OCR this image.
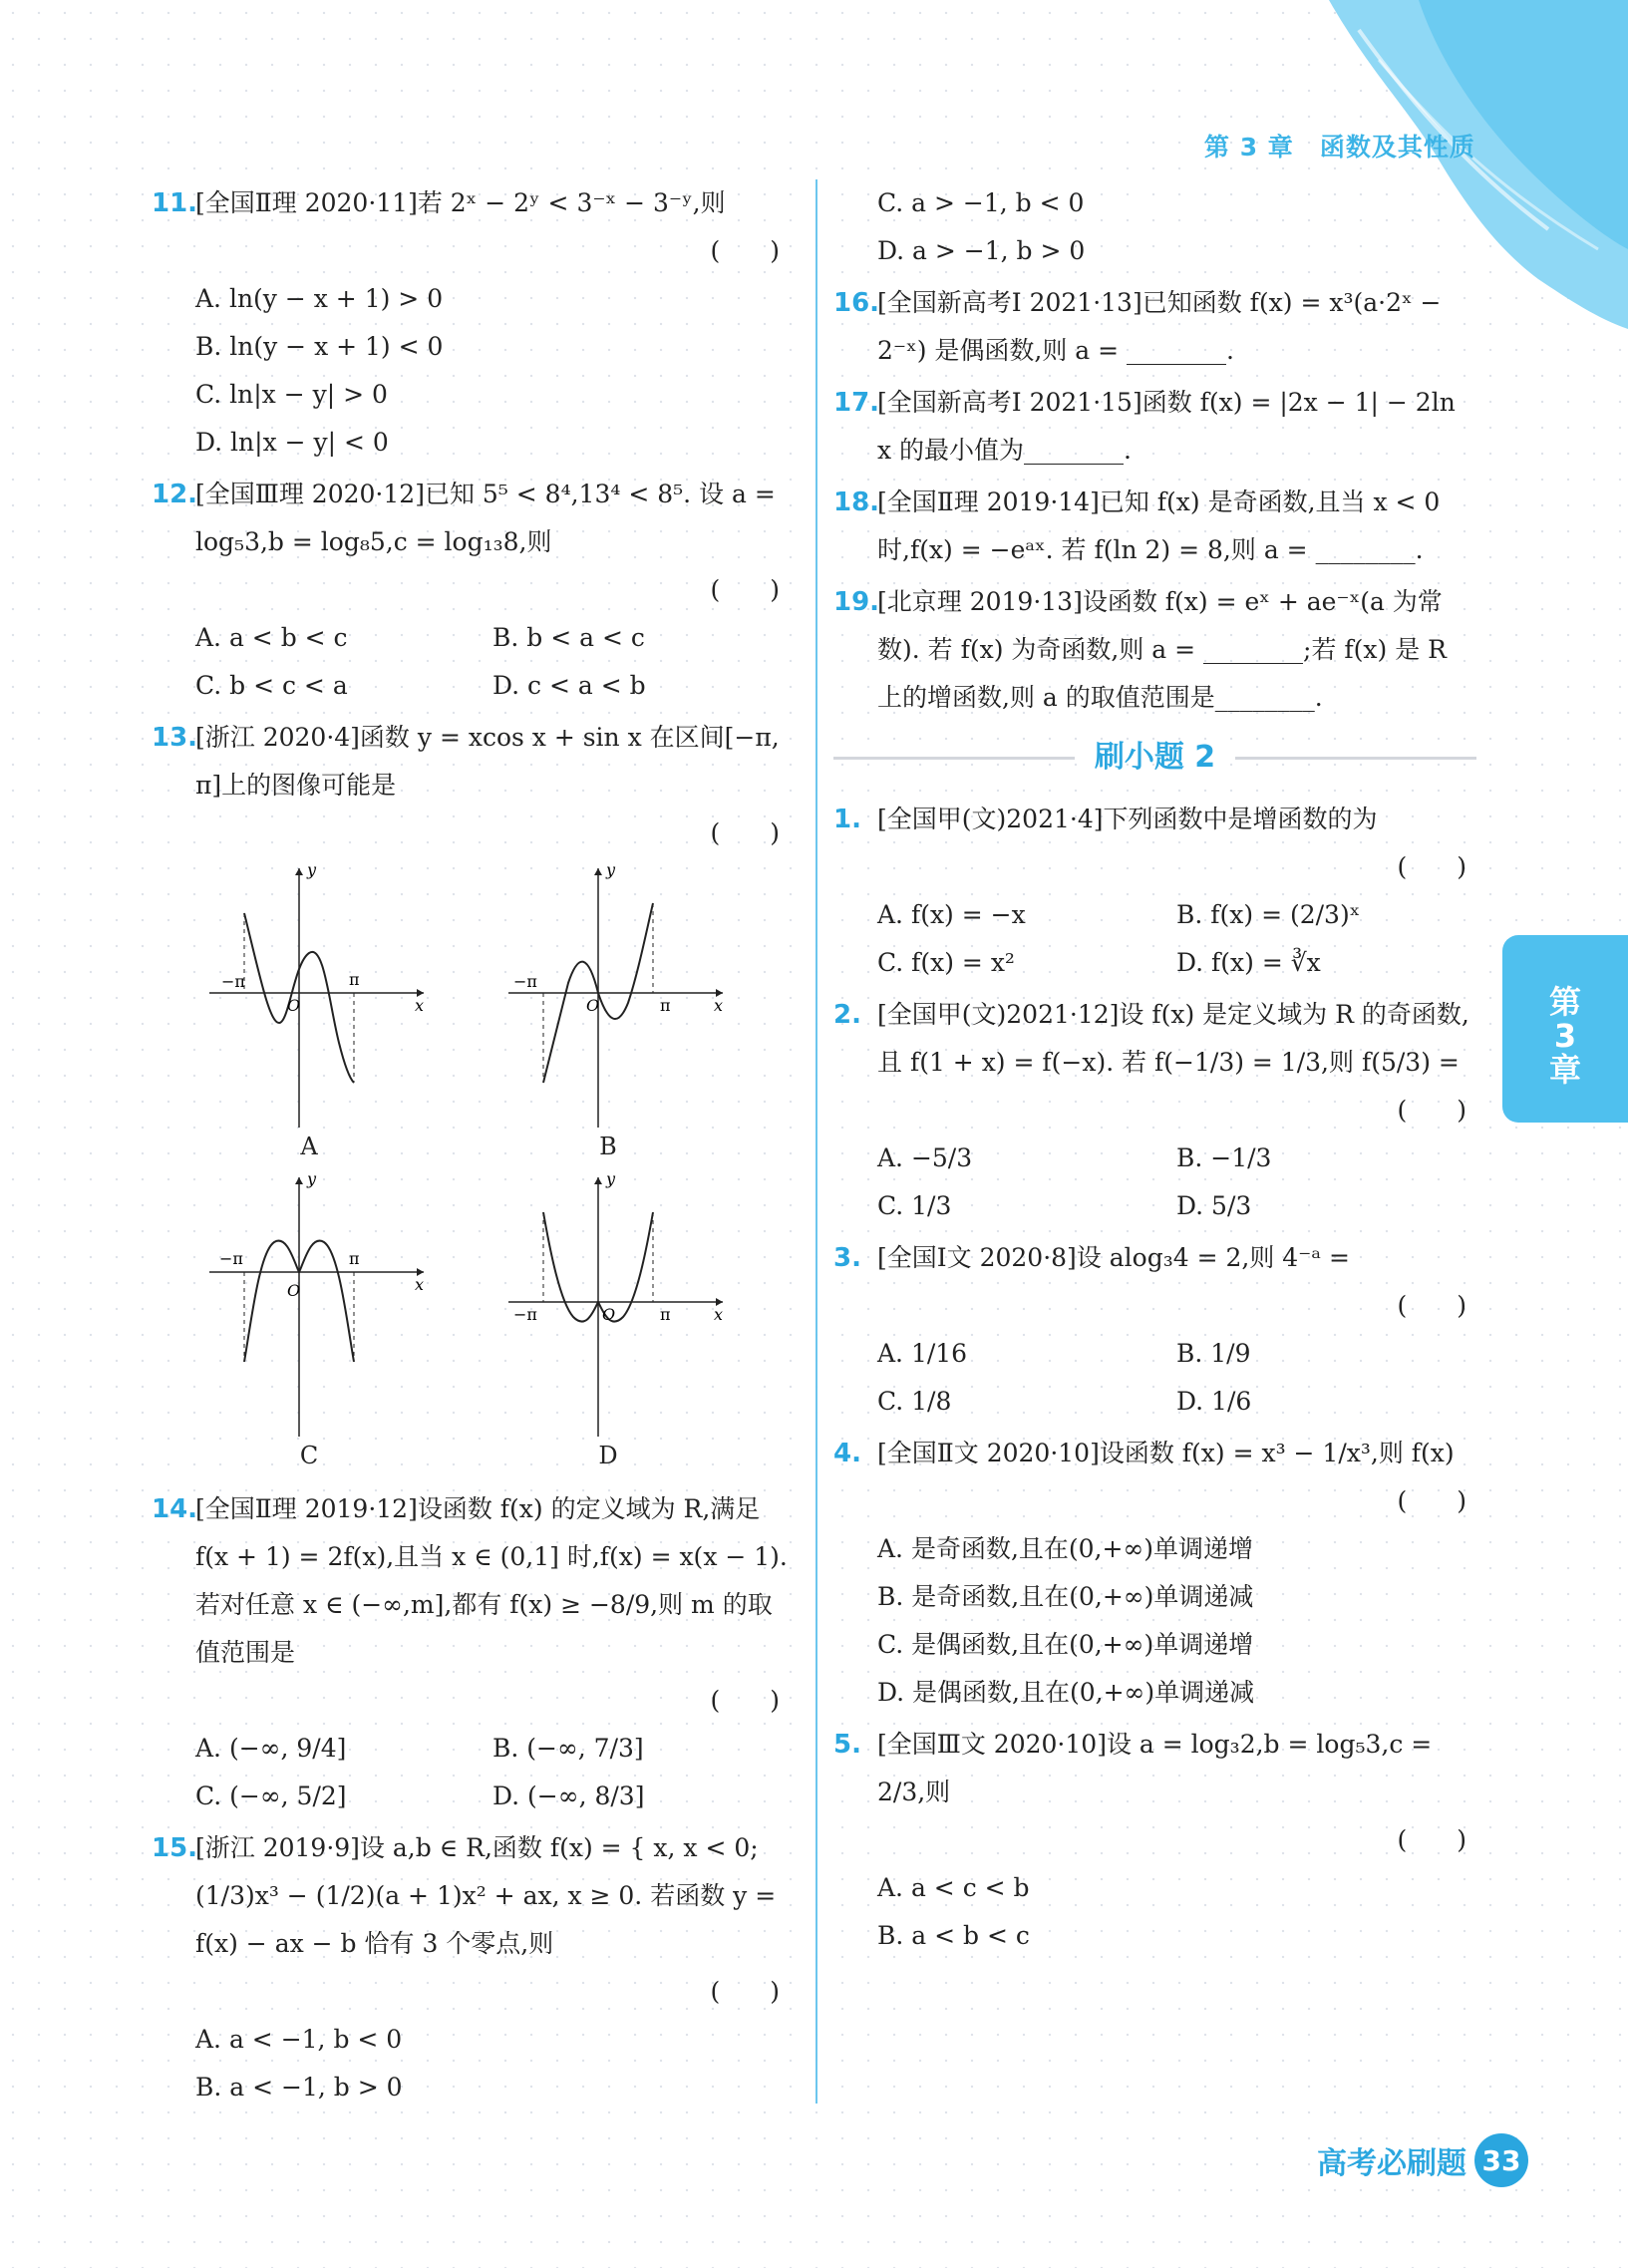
第 3 章 函数及其性质
11.
[全国Ⅱ理 2020·11]若 2ˣ − 2ʸ < 3⁻ˣ − 3⁻ʸ,则
(　　)
A. ln(y − x + 1) > 0
B. ln(y − x + 1) < 0
C. ln|x − y| > 0
D. ln|x − y| < 0
12.
[全国Ⅲ理 2020·12]已知 5⁵ < 8⁴,13⁴ < 8⁵. 设 a = log₅3,b = log₈5,c = log₁₃8,则
(　　)
A. a < b < c	B. b < a < c
C. b < c < a	D. c < a < b
13.
[浙江 2020·4]函数 y = xcos x + sin x 在区间[−π, π]上的图像可能是
(　　)
y
x
O
−π	π
A
y
x
O
−π
π
B
y
x
O
−π	π
C
y
x
O
−π	π
D
14.
[全国Ⅱ理 2019·12]设函数 f(x) 的定义域为 R,满足 f(x + 1) = 2f(x),且当 x ∈ (0,1] 时,f(x) = x(x − 1). 若对任意 x ∈ (−∞,m],都有 f(x) ≥ −8/9,则 m 的取值范围是
(　　)
A. (−∞, 9/4]	B. (−∞, 7/3]
C. (−∞, 5/2]	D. (−∞, 8/3]
15.
[浙江 2019·9]设 a,b ∈ R,函数 f(x) = { x, x < 0; (1/3)x³ − (1/2)(a + 1)x² + ax, x ≥ 0. 若函数 y = f(x) − ax − b 恰有 3 个零点,则
(　　)
A. a < −1, b < 0
B. a < −1, b > 0
C. a > −1, b < 0
D. a > −1, b > 0
16.
[全国新高考Ⅰ 2021·13]已知函数 f(x) = x³(a·2ˣ − 2⁻ˣ) 是偶函数,则 a = ________.
17.
[全国新高考Ⅰ 2021·15]函数 f(x) = |2x − 1| − 2ln x 的最小值为________.
18.
[全国Ⅱ理 2019·14]已知 f(x) 是奇函数,且当 x < 0 时,f(x) = −eᵃˣ. 若 f(ln 2) = 8,则 a = ________.
19.
[北京理 2019·13]设函数 f(x) = eˣ + ae⁻ˣ(a 为常数). 若 f(x) 为奇函数,则 a = ________;若 f(x) 是 R 上的增函数,则 a 的取值范围是________.
刷小题 2
1. [全国甲(文)2021·4]下列函数中是增函数的为
(　　)
A. f(x) = −x	B. f(x) = (2/3)ˣ
C. f(x) = x²	D. f(x) = ∛x
2. [全国甲(文)2021·12]设 f(x) 是定义域为 R 的奇函数,且 f(1 + x) = f(−x). 若 f(−1/3) = 1/3,则 f(5/3) =
(　　)
A. −5/3	B. −1/3
C. 1/3	D. 5/3
3. [全国Ⅰ文 2020·8]设 alog₃4 = 2,则 4⁻ᵃ =
(　　)
A. 1/16	B. 1/9
C. 1/8	D. 1/6
4. [全国Ⅱ文 2020·10]设函数 f(x) = x³ − 1/x³,则 f(x)
(　　)
A. 是奇函数,且在(0,+∞)单调递增
B. 是奇函数,且在(0,+∞)单调递减
C. 是偶函数,且在(0,+∞)单调递增
D. 是偶函数,且在(0,+∞)单调递减
5. [全国Ⅲ文 2020·10]设 a = log₃2,b = log₅3,c = 2/3,则
(　　)
A. a < c < b
B. a < b < c
第
3
章
高考必刷题 33
